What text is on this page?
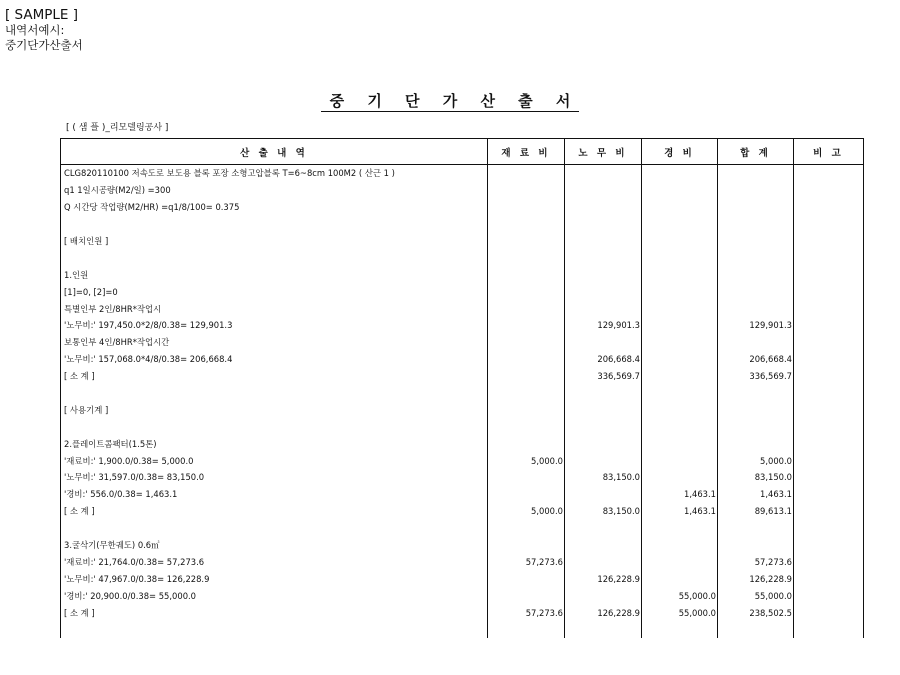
[ SAMPLE ]
내역서예시:
중기단가산출서
중 기 단 가 산 출 서
[ ( 샘 플 )_리모델링공사 ]
산 출 내 역	재 료 비	노 무 비	경 비	합 계	비 고
CLG820110100 저속도로 보도용 블록 포장 소형고압블록 T=6~8cm 100M2 ( 산근 1 )					
q1 1일시공량(M2/일) =300					
Q 시간당 작업량(M2/HR) =q1/8/100= 0.375					

[ 배치인원 ]					

1.인원					
[1]=0, [2]=0					
특별인부 2인/8HR*작업시					
'노무비:' 197,450.0*2/8/0.38= 129,901.3		129,901.3		129,901.3	
보통인부 4인/8HR*작업시간					
'노무비:' 157,068.0*4/8/0.38= 206,668.4		206,668.4		206,668.4	
[ 소 계 ]		336,569.7		336,569.7	

[ 사용기계 ]					

2.플레이트콤팩터(1.5톤)					
'재료비:' 1,900.0/0.38= 5,000.0	5,000.0			5,000.0	
'노무비:' 31,597.0/0.38= 83,150.0		83,150.0		83,150.0	
'경비:' 556.0/0.38= 1,463.1			1,463.1	1,463.1	
[ 소 계 ]	5,000.0	83,150.0	1,463.1	89,613.1	

3.굴삭기(무한궤도) 0.6㎥					
'재료비:' 21,764.0/0.38= 57,273.6	57,273.6			57,273.6	
'노무비:' 47,967.0/0.38= 126,228.9		126,228.9		126,228.9	
'경비:' 20,900.0/0.38= 55,000.0			55,000.0	55,000.0	
[ 소 계 ]	57,273.6	126,228.9	55,000.0	238,502.5	
